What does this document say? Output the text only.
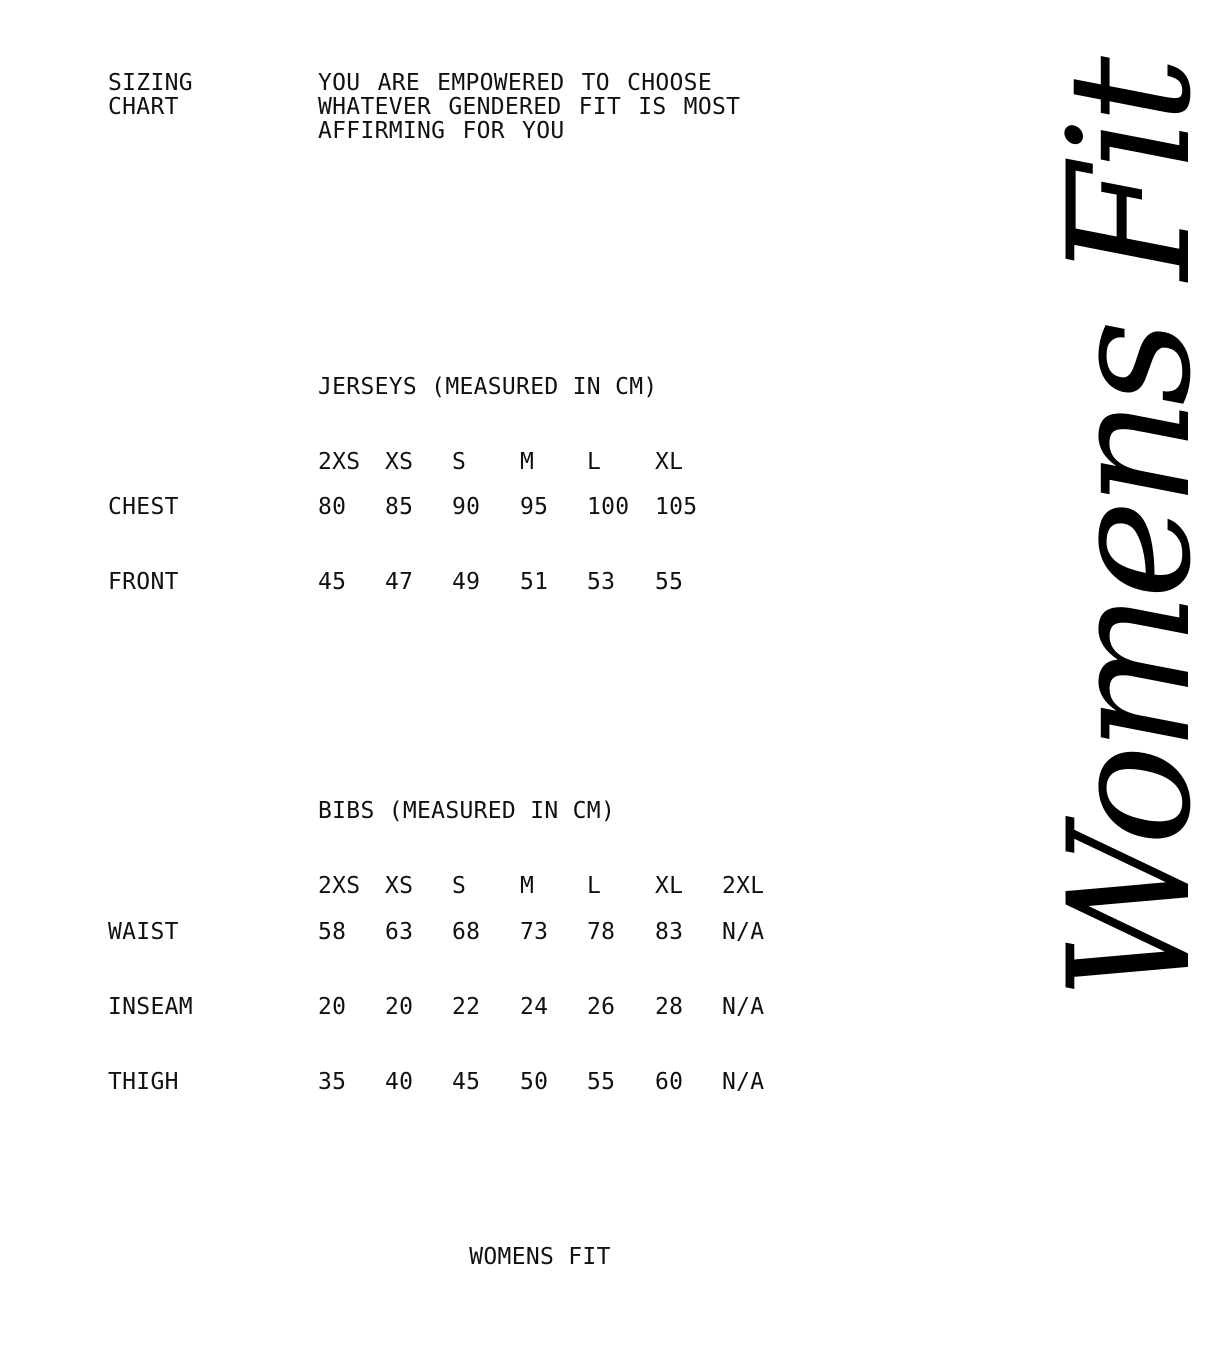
SIZING
CHART
YOU ARE EMPOWERED TO CHOOSE WHATEVER GENDERED FIT IS MOST AFFIRMING FOR YOU	Womens Fit
JERSEYS (MEASURED IN CM)
2XS XS S M L XL
CHEST	80 85 90 95 100 105
FRONT	45 47 49 51 53 55
BIBS (MEASURED IN CM)
2XS XS S M L XL 2XL
WAIST	58 63 68 73 78 83 N/A
INSEAM	20 20 22 24 26 28 N/A
THIGH	35 40 45 50 55 60 N/A
WOMENS FIT
